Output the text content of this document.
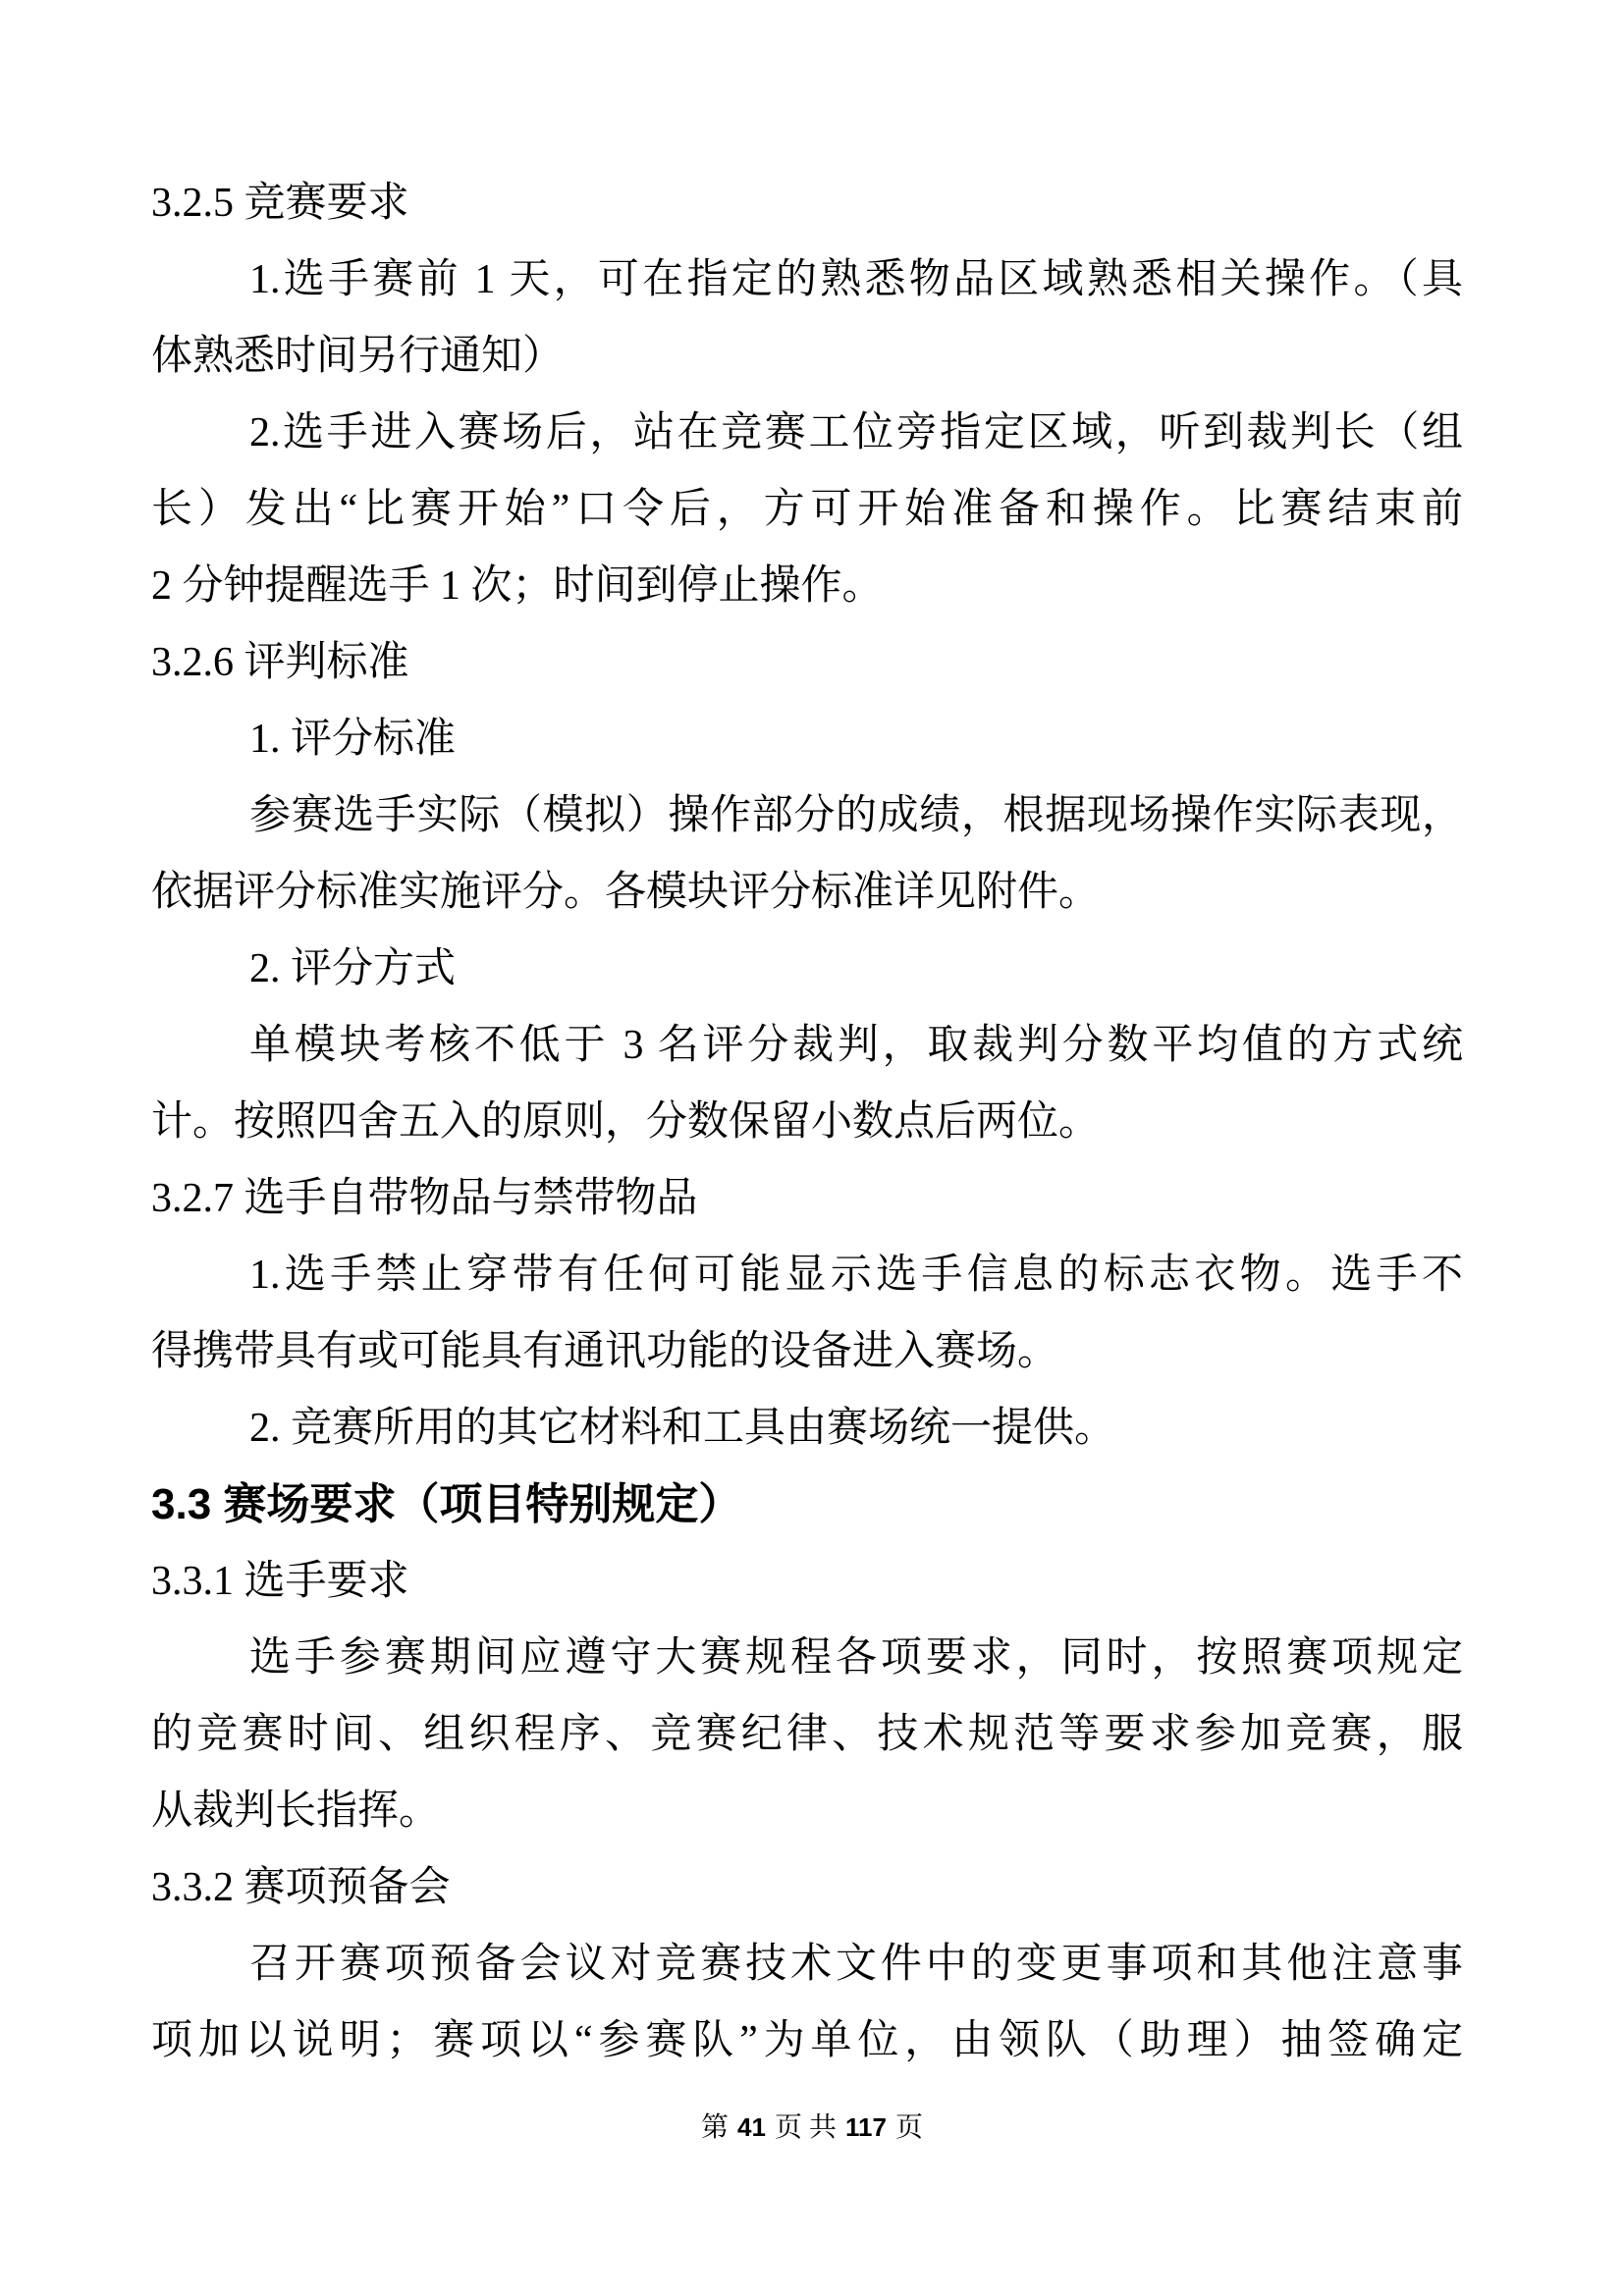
3.2.5 竞赛要求
1.选手赛前 1 天，可在指定的熟悉物品区域熟悉相关操作。（具
体熟悉时间另行通知）
2.选手进入赛场后，站在竞赛工位旁指定区域，听到裁判长（组
长）发出“比赛开始”口令后，方可开始准备和操作。比赛结束前
2 分钟提醒选手 1 次；时间到停止操作。
3.2.6 评判标准
1. 评分标准
参赛选手实际（模拟）操作部分的成绩，根据现场操作实际表现，
依据评分标准实施评分。各模块评分标准详见附件。
2. 评分方式
单模块考核不低于 3 名评分裁判，取裁判分数平均值的方式统
计。按照四舍五入的原则，分数保留小数点后两位。
3.2.7 选手自带物品与禁带物品
1.选手禁止穿带有任何可能显示选手信息的标志衣物。选手不
得携带具有或可能具有通讯功能的设备进入赛场。
2. 竞赛所用的其它材料和工具由赛场统一提供。
3.3 赛场要求（项目特别规定）
3.3.1 选手要求
选手参赛期间应遵守大赛规程各项要求，同时，按照赛项规定
的竞赛时间、组织程序、竞赛纪律、技术规范等要求参加竞赛，服
从裁判长指挥。
3.3.2 赛项预备会
召开赛项预备会议对竞赛技术文件中的变更事项和其他注意事
项加以说明；赛项以“参赛队”为单位，由领队（助理）抽签确定
第 41 页 共 117 页
